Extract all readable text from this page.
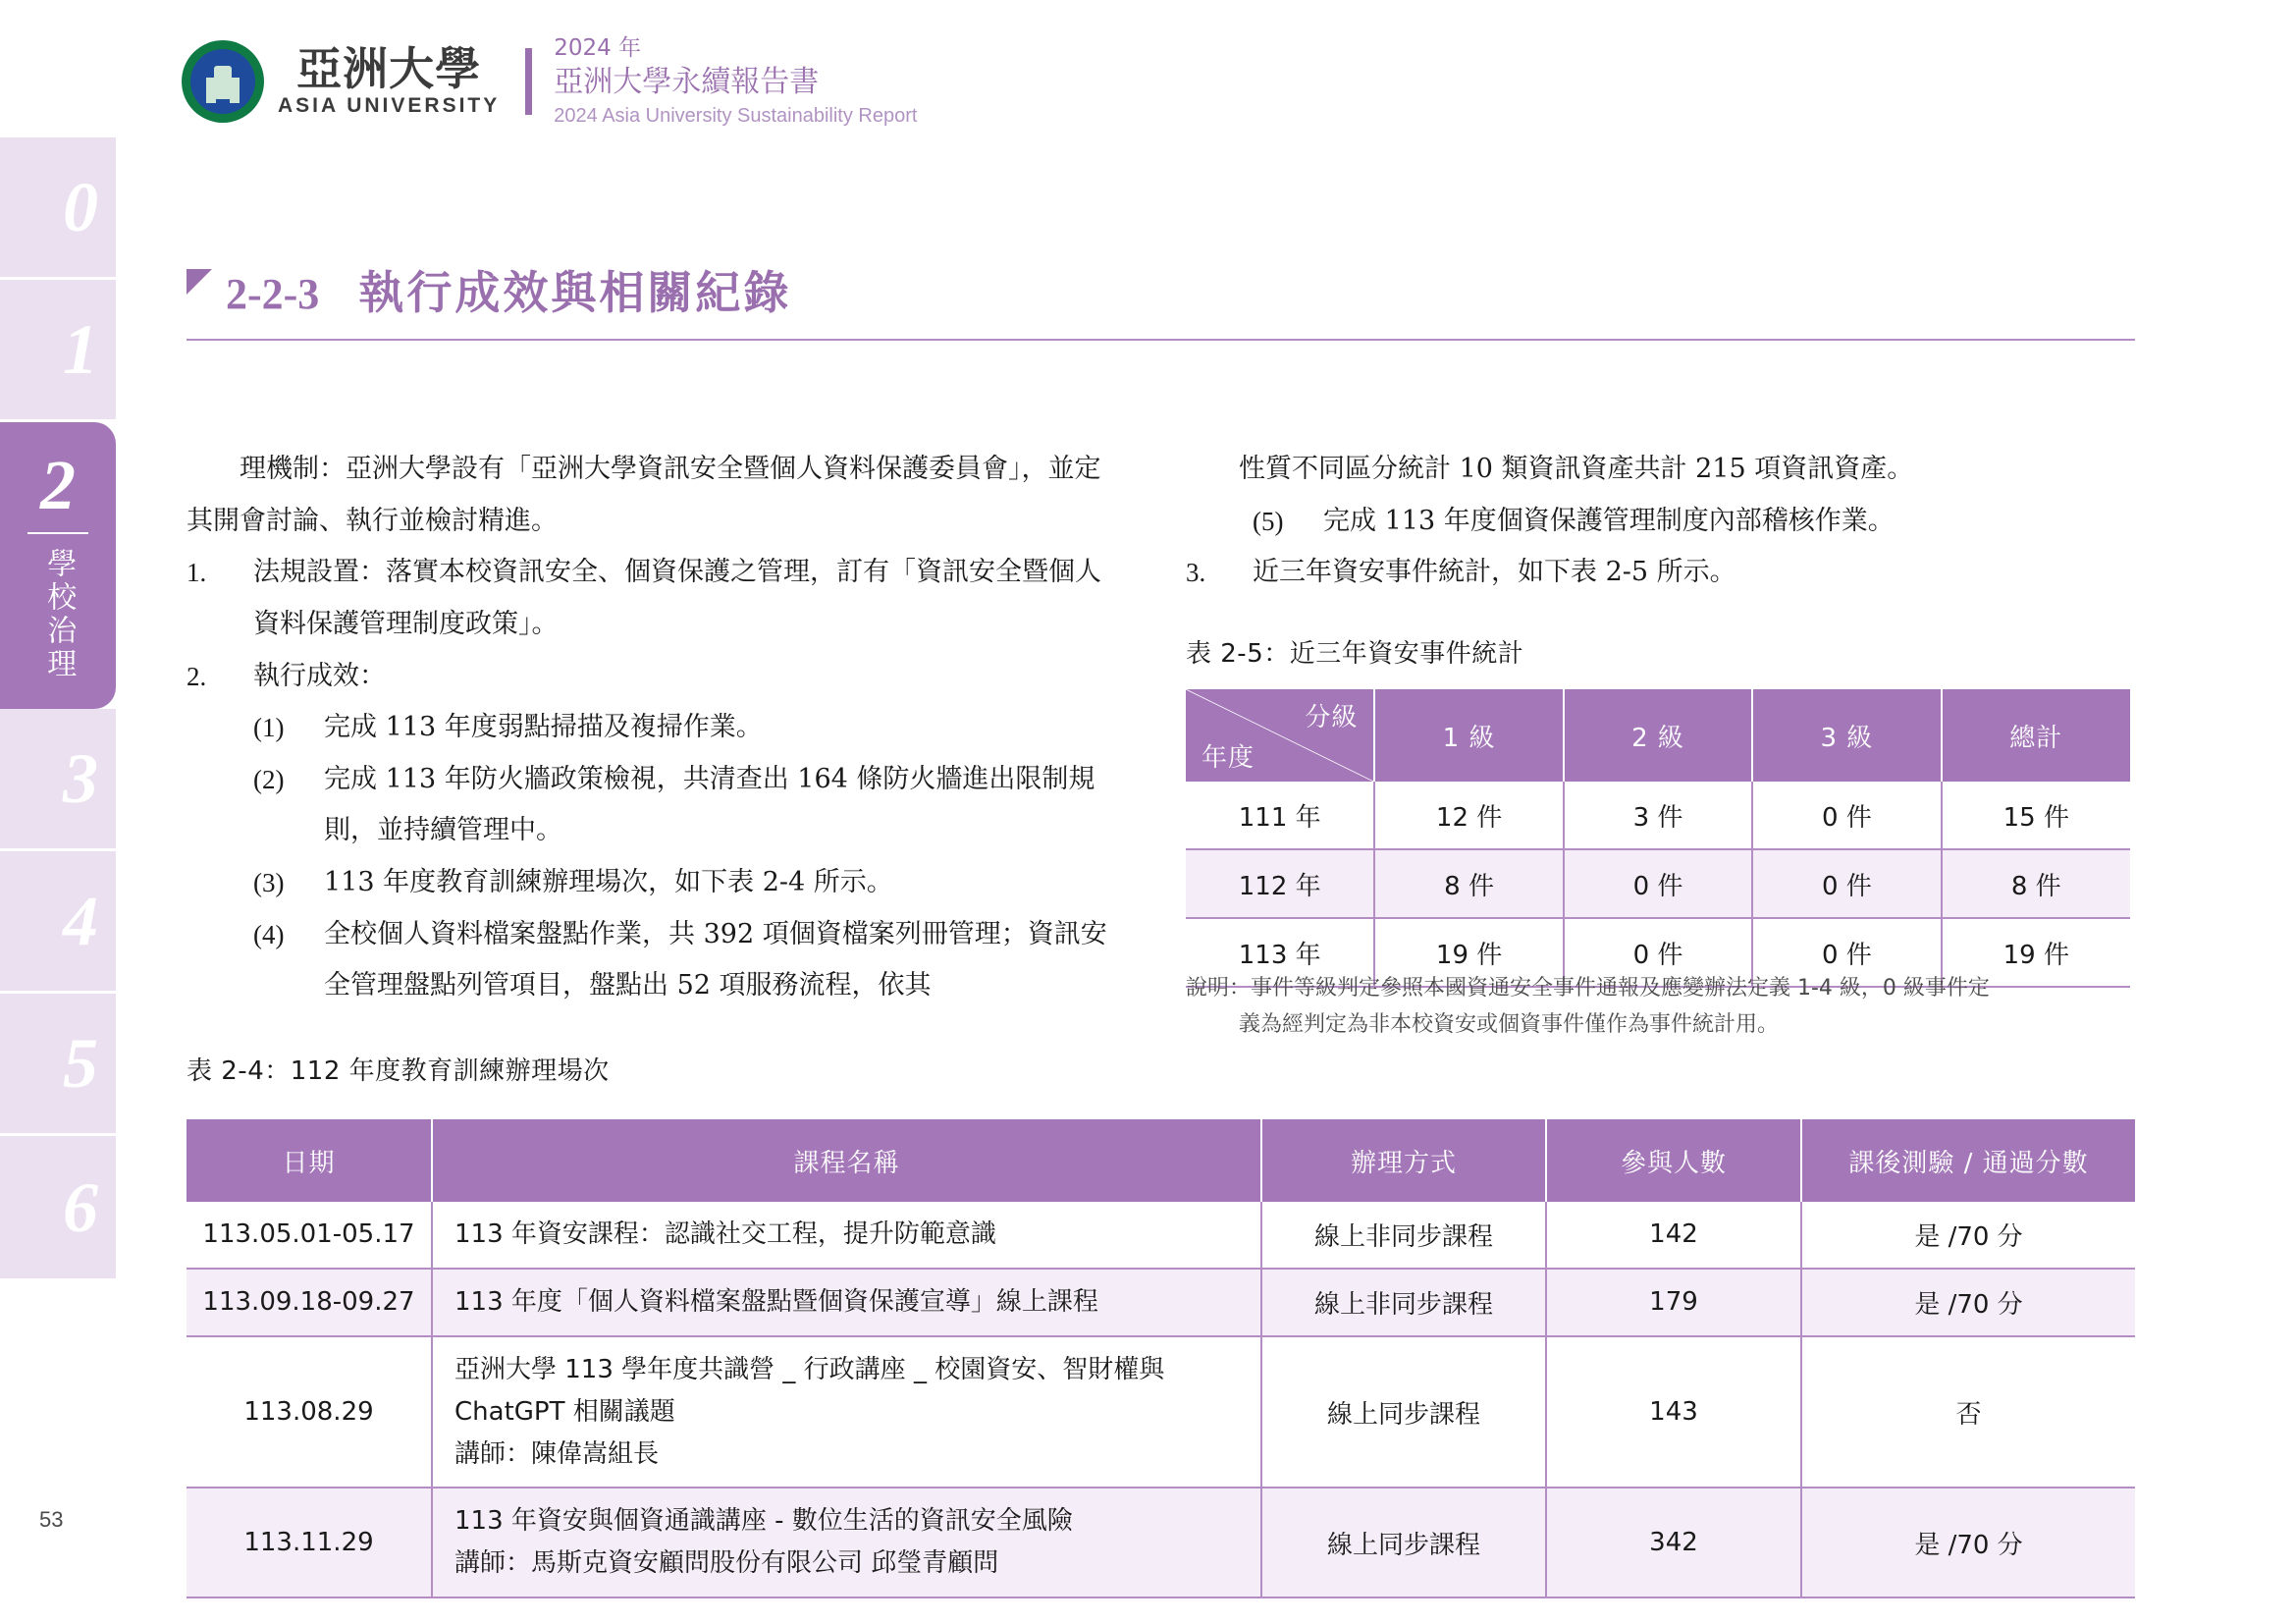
0
1
2
學校治理
3
4
5
6
53
亞洲大學
ASIA UNIVERSITY
2024 年
亞洲大學永續報告書
2024 Asia University Sustainability Report
2-2-3 執行成效與相關紀錄
理機制：亞洲大學設有「亞洲大學資訊安全暨個人資料保護委員會」，並定其開會討論、執行並檢討精進。
1.	法規設置：落實本校資訊安全、個資保護之管理，訂有「資訊安全暨個人資料保護管理制度政策」。
2.	執行成效：
(1)	完成 113 年度弱點掃描及複掃作業。
(2)	完成 113 年防火牆政策檢視，共清查出 164 條防火牆進出限制規則，並持續管理中。
(3)	113 年度教育訓練辦理場次，如下表 2-4 所示。
(4)	全校個人資料檔案盤點作業，共 392 項個資檔案列冊管理；資訊安全管理盤點列管項目，盤點出 52 項服務流程，依其
性質不同區分統計 10 類資訊資產共計 215 項資訊資產。
(5)	完成 113 年度個資保護管理制度內部稽核作業。
3.	近三年資安事件統計，如下表 2-5 所示。
表 2-5：近三年資安事件統計
分級
年度	1 級	2 級	3 級	總計
111 年	12 件	3 件	0 件	15 件
112 年	8 件	0 件	0 件	8 件
113 年	19 件	0 件	0 件	19 件
說明：事件等級判定參照本國資通安全事件通報及應變辦法定義 1-4 級，0 級事件定
義為經判定為非本校資安或個資事件僅作為事件統計用。
表 2-4：112 年度教育訓練辦理場次
日期	課程名稱	辦理方式	參與人數	課後測驗 / 通過分數
113.05.01-05.17	113 年資安課程：認識社交工程，提升防範意識	線上非同步課程	142	是 /70 分
113.09.18-09.27	113 年度「個人資料檔案盤點暨個資保護宣導」線上課程	線上非同步課程	179	是 /70 分
113.08.29	亞洲大學 113 學年度共識營 _ 行政講座 _ 校園資安、智財權與
ChatGPT 相關議題
講師：陳偉嵩組長	線上同步課程	143	否
113.11.29	113 年資安與個資通識講座 - 數位生活的資訊安全風險
講師：馬斯克資安顧問股份有限公司 邱瑩青顧問	線上同步課程	342	是 /70 分
